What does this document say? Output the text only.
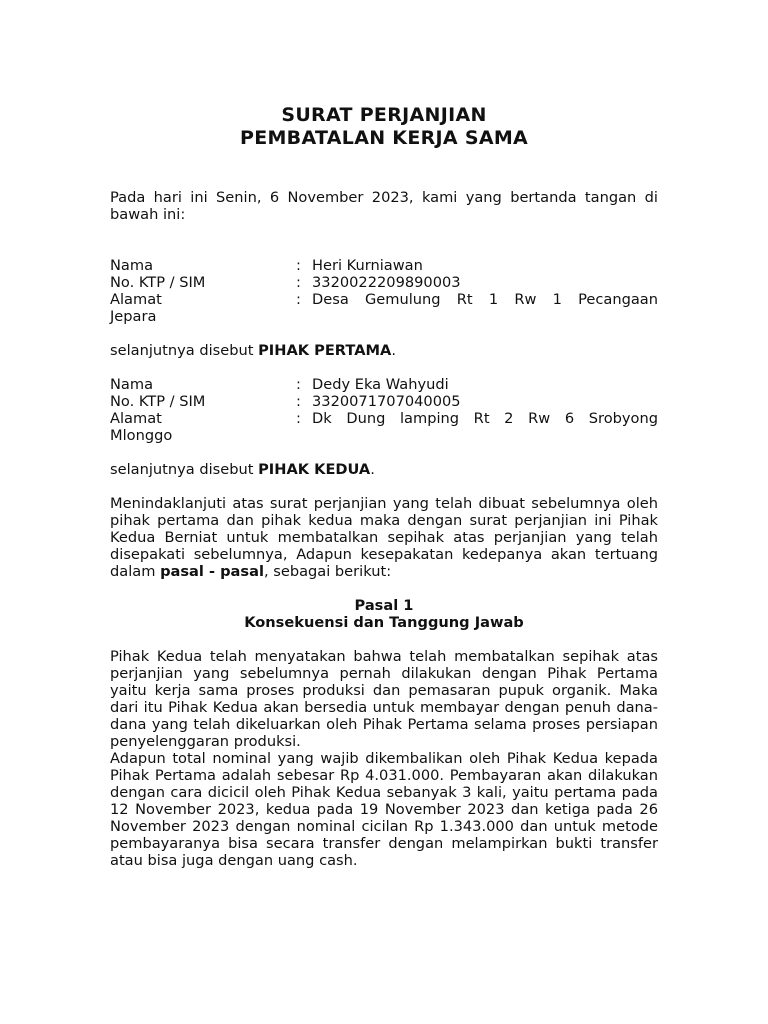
SURAT PERJANJIAN
PEMBATALAN KERJA SAMA
Pada hari ini Senin, 6 November 2023, kami yang bertanda tangan di bawah ini:
Nama	: Heri Kurniawan
No. KTP / SIM	: 3320022209890003
Alamat	: Desa Gemulung Rt 1 Rw 1 Pecangaan
Jepara
selanjutnya disebut PIHAK PERTAMA.
Nama	: Dedy Eka Wahyudi
No. KTP / SIM	: 3320071707040005
Alamat	: Dk Dung lamping Rt 2 Rw 6 Srobyong
Mlonggo
selanjutnya disebut PIHAK KEDUA.
Menindaklanjuti atas surat perjanjian yang telah dibuat sebelumnya oleh pihak pertama dan pihak kedua maka dengan surat perjanjian ini Pihak Kedua Berniat untuk membatalkan sepihak atas perjanjian yang telah disepakati sebelumnya, Adapun kesepakatan kedepanya akan tertuang dalam pasal - pasal, sebagai berikut:
Pasal 1
Konsekuensi dan Tanggung Jawab
Pihak Kedua telah menyatakan bahwa telah membatalkan sepihak atas perjanjian yang sebelumnya pernah dilakukan dengan Pihak Pertama yaitu kerja sama proses produksi dan pemasaran pupuk organik. Maka dari itu Pihak Kedua akan bersedia untuk membayar dengan penuh dana-dana yang telah dikeluarkan oleh Pihak Pertama selama proses persiapan penyelenggaran produksi.
Adapun total nominal yang wajib dikembalikan oleh Pihak Kedua kepada Pihak Pertama adalah sebesar Rp 4.031.000. Pembayaran akan dilakukan dengan cara dicicil oleh Pihak Kedua sebanyak 3 kali, yaitu pertama pada 12 November 2023, kedua pada 19 November 2023 dan ketiga pada 26 November 2023 dengan nominal cicilan Rp 1.343.000 dan untuk metode pembayaranya bisa secara transfer dengan melampirkan bukti transfer atau bisa juga dengan uang cash.
